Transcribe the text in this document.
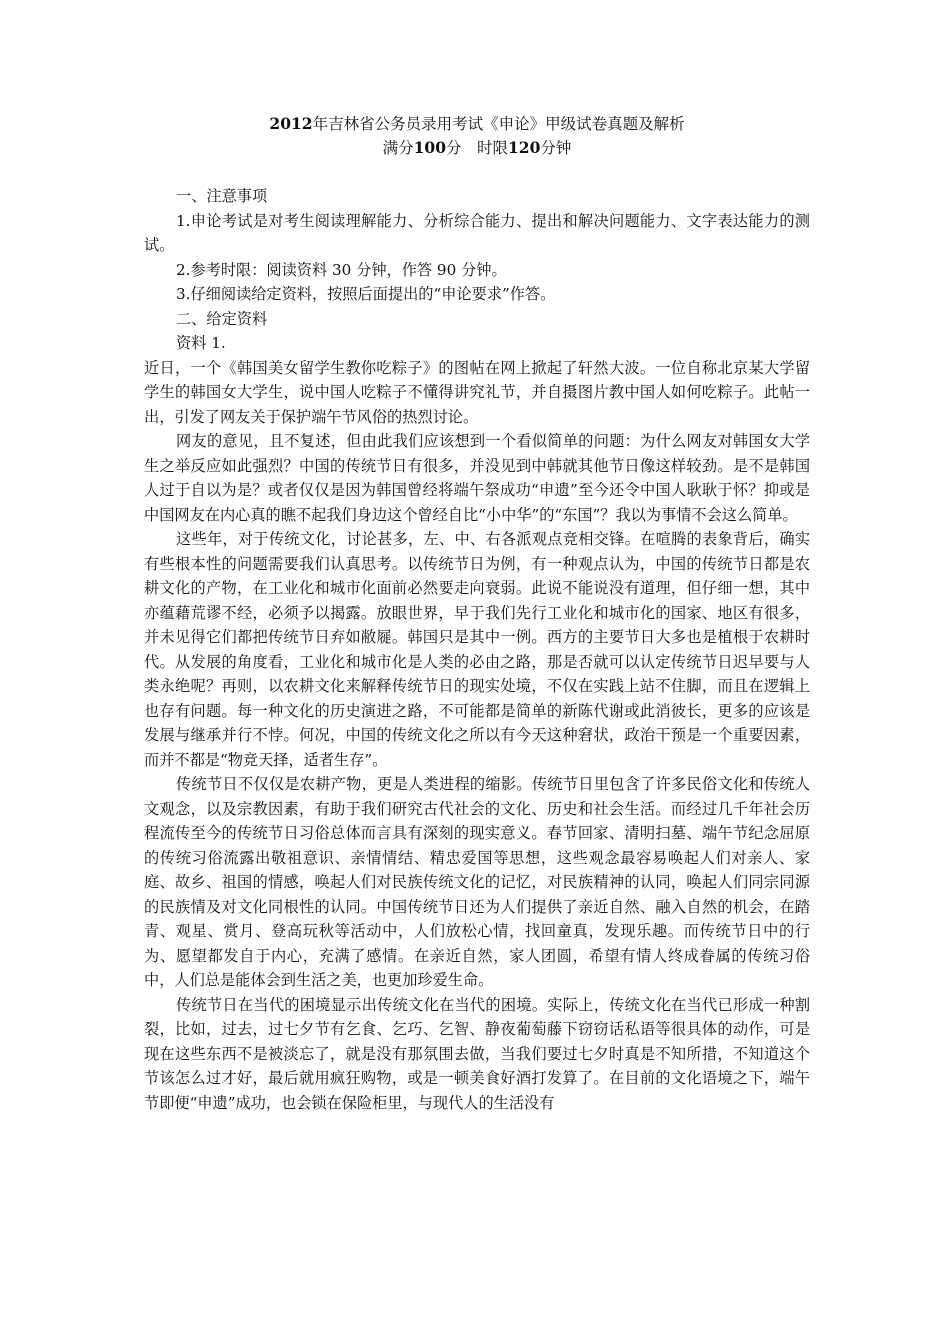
2012年吉林省公务员录用考试《申论》甲级试卷真题及解析

满分100分　时限120分钟

一、注意事项

1.申论考试是对考生阅读理解能力、分析综合能力、提出和解决问题能力、文字表达能力的测试。

2.参考时限：阅读资料 30 分钟，作答 90 分钟。

3.仔细阅读给定资料，按照后面提出的“申论要求”作答。

二、给定资料

资料 1.

近日，一个《韩国美女留学生教你吃粽子》的图帖在网上掀起了轩然大波。一位自称北京某大学留学生的韩国女大学生，说中国人吃粽子不懂得讲究礼节，并自摄图片教中国人如何吃粽子。此帖一出，引发了网友关于保护端午节风俗的热烈讨论。

网友的意见，且不复述，但由此我们应该想到一个看似简单的问题：为什么网友对韩国女大学生之举反应如此强烈？中国的传统节日有很多，并没见到中韩就其他节日像这样较劲。是不是韩国人过于自以为是？或者仅仅是因为韩国曾经将端午祭成功“申遗”至今还令中国人耿耿于怀？抑或是中国网友在内心真的瞧不起我们身边这个曾经自比“小中华”的“东国”？我以为事情不会这么简单。

这些年，对于传统文化，讨论甚多，左、中、右各派观点竞相交锋。在喧腾的表象背后，确实有些根本性的问题需要我们认真思考。以传统节日为例，有一种观点认为，中国的传统节日都是农耕文化的产物，在工业化和城市化面前必然要走向衰弱。此说不能说没有道理，但仔细一想，其中亦蕴藉荒谬不经，必须予以揭露。放眼世界，早于我们先行工业化和城市化的国家、地区有很多，并未见得它们都把传统节日弃如敝屣。韩国只是其中一例。西方的主要节日大多也是植根于农耕时代。从发展的角度看，工业化和城市化是人类的必由之路，那是否就可以认定传统节日迟早要与人类永绝呢？再则，以农耕文化来解释传统节日的现实处境，不仅在实践上站不住脚，而且在逻辑上也存有问题。每一种文化的历史演进之路，不可能都是简单的新陈代谢或此消彼长，更多的应该是发展与继承并行不悖。何况，中国的传统文化之所以有今天这种窘状，政治干预是一个重要因素，而并不都是“物竞天择，适者生存”。

传统节日不仅仅是农耕产物，更是人类进程的缩影。传统节日里包含了许多民俗文化和传统人文观念，以及宗教因素，有助于我们研究古代社会的文化、历史和社会生活。而经过几千年社会历程流传至今的传统节日习俗总体而言具有深刻的现实意义。春节回家、清明扫墓、端午节纪念屈原的传统习俗流露出敬祖意识、亲情情结、精忠爱国等思想，这些观念最容易唤起人们对亲人、家庭、故乡、祖国的情感，唤起人们对民族传统文化的记忆，对民族精神的认同，唤起人们同宗同源的民族情及对文化同根性的认同。中国传统节日还为人们提供了亲近自然、融入自然的机会，在踏青、观星、赏月、登高玩秋等活动中，人们放松心情，找回童真，发现乐趣。而传统节日中的行为、愿望都发自于内心，充满了感情。在亲近自然，家人团圆，希望有情人终成眷属的传统习俗中，人们总是能体会到生活之美，也更加珍爱生命。

传统节日在当代的困境显示出传统文化在当代的困境。实际上，传统文化在当代已形成一种割裂，比如，过去，过七夕节有乞食、乞巧、乞智、静夜葡萄藤下窃窃话私语等很具体的动作，可是现在这些东西不是被淡忘了，就是没有那氛围去做，当我们要过七夕时真是不知所措，不知道这个节该怎么过才好，最后就用疯狂购物，或是一顿美食好酒打发算了。在目前的文化语境之下，端午节即便“申遗”成功，也会锁在保险柜里，与现代人的生活没有
